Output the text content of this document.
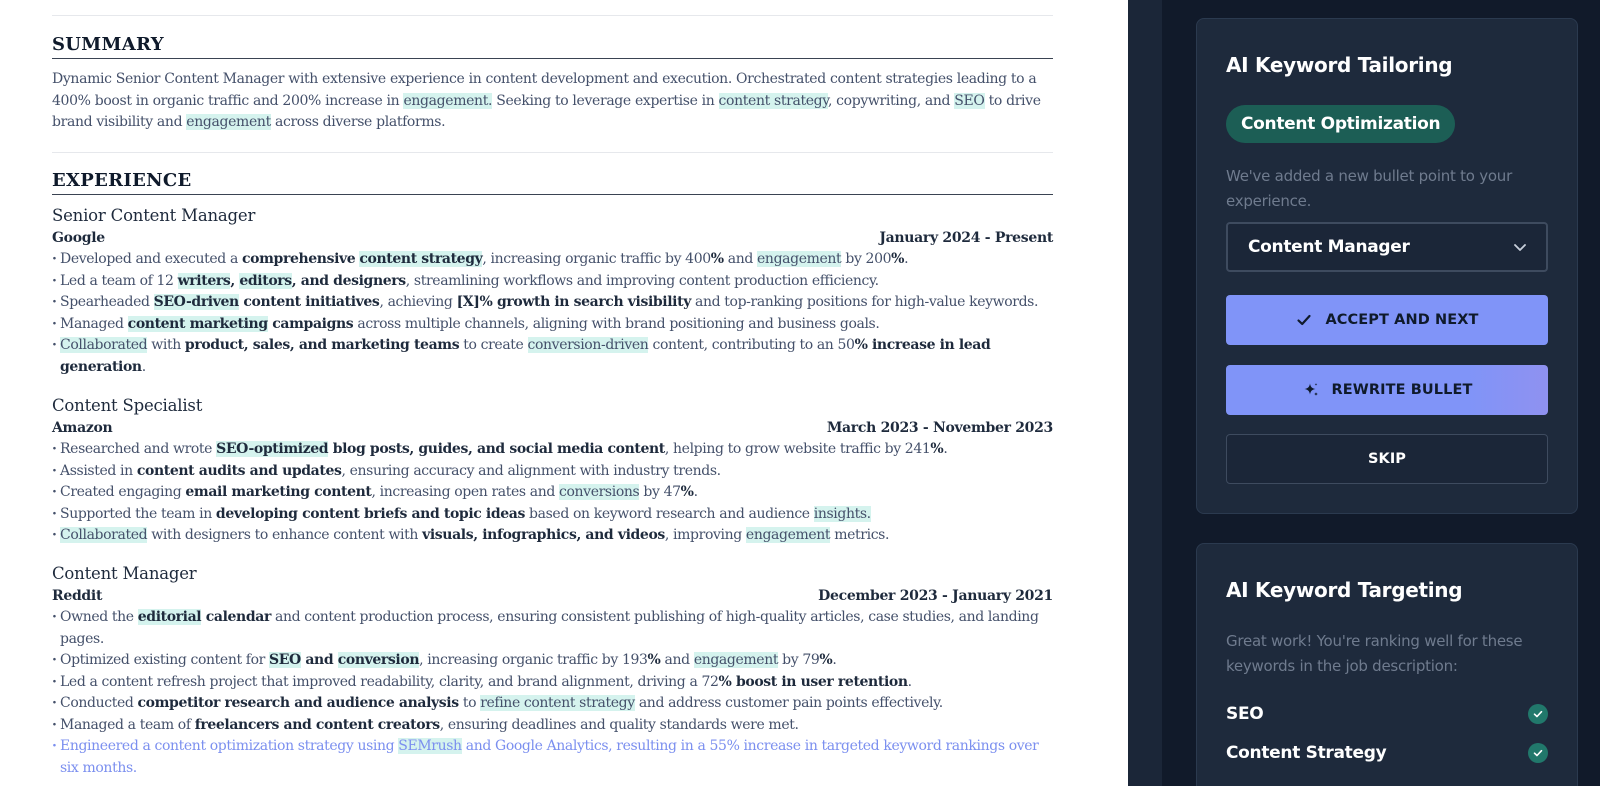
SUMMARY

Dynamic Senior Content Manager with extensive experience in content development and execution. Orchestrated content strategies leading to a 400% boost in organic traffic and 200% increase in engagement. Seeking to leverage expertise in content strategy, copywriting, and SEO to drive brand visibility and engagement across diverse platforms.

EXPERIENCE
Senior Content Manager
Google	January 2024 - Present
· Developed and executed a comprehensive content strategy, increasing organic traffic by 400% and engagement by 200%.
· Led a team of 12 writers, editors, and designers, streamlining workflows and improving content production efficiency.
· Spearheaded SEO-driven content initiatives, achieving [X]% growth in search visibility and top-ranking positions for high-value keywords.
· Managed content marketing campaigns across multiple channels, aligning with brand positioning and business goals.
· Collaborated with product, sales, and marketing teams to create conversion-driven content, contributing to an 50% increase in lead generation.
Content Specialist
Amazon	March 2023 - November 2023
· Researched and wrote SEO-optimized blog posts, guides, and social media content, helping to grow website traffic by 241%.
· Assisted in content audits and updates, ensuring accuracy and alignment with industry trends.
· Created engaging email marketing content, increasing open rates and conversions by 47%.
· Supported the team in developing content briefs and topic ideas based on keyword research and audience insights.
· Collaborated with designers to enhance content with visuals, infographics, and videos, improving engagement metrics.
Content Manager
Reddit	December 2023 - January 2021
· Owned the editorial calendar and content production process, ensuring consistent publishing of high-quality articles, case studies, and landing pages.
· Optimized existing content for SEO and conversion, increasing organic traffic by 193% and engagement by 79%.
· Led a content refresh project that improved readability, clarity, and brand alignment, driving a 72% boost in user retention.
· Conducted competitor research and audience analysis to refine content strategy and address customer pain points effectively.
· Managed a team of freelancers and content creators, ensuring deadlines and quality standards were met.
· Engineered a content optimization strategy using SEMrush and Google Analytics, resulting in a 55% increase in targeted keyword rankings over six months.
AI Keyword Tailoring
Content Optimization
We've added a new bullet point to your experience.
Content Manager
ACCEPT AND NEXT
REWRITE BULLET
SKIP
AI Keyword Targeting
Great work! You're ranking well for these keywords in the job description:
SEO
Content Strategy
